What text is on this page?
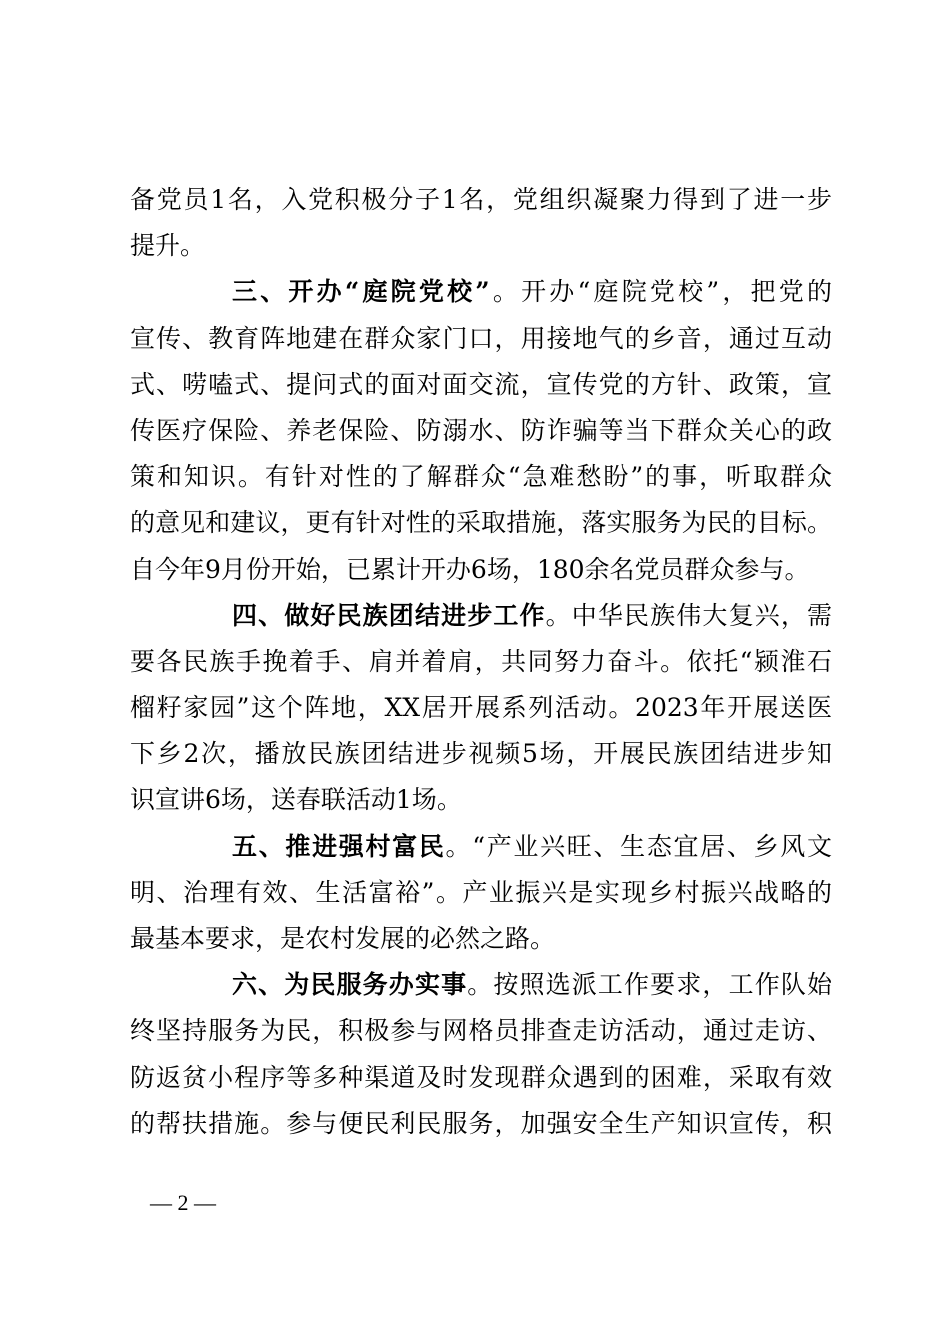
备党员1名，入党积极分子1名，党组织凝聚力得到了进一步
提升。
三、开办“庭院党校”。开办“庭院党校”，把党的
宣传、教育阵地建在群众家门口，用接地气的乡音，通过互动
式、唠嗑式、提问式的面对面交流，宣传党的方针、政策，宣
传医疗保险、养老保险、防溺水、防诈骗等当下群众关心的政
策和知识。有针对性的了解群众“急难愁盼”的事，听取群众
的意见和建议，更有针对性的采取措施，落实服务为民的目标。
自今年9月份开始，已累计开办6场，180余名党员群众参与。
四、做好民族团结进步工作。中华民族伟大复兴，需
要各民族手挽着手、肩并着肩，共同努力奋斗。依托“颍淮石
榴籽家园”这个阵地，XX居开展系列活动。2023年开展送医
下乡2次，播放民族团结进步视频5场，开展民族团结进步知
识宣讲6场，送春联活动1场。
五、推进强村富民。“产业兴旺、生态宜居、乡风文
明、治理有效、生活富裕”。产业振兴是实现乡村振兴战略的
最基本要求，是农村发展的必然之路。
六、为民服务办实事。按照选派工作要求，工作队始
终坚持服务为民，积极参与网格员排查走访活动，通过走访、
防返贫小程序等多种渠道及时发现群众遇到的困难，采取有效
的帮扶措施。参与便民利民服务，加强安全生产知识宣传，积
— 2 —
